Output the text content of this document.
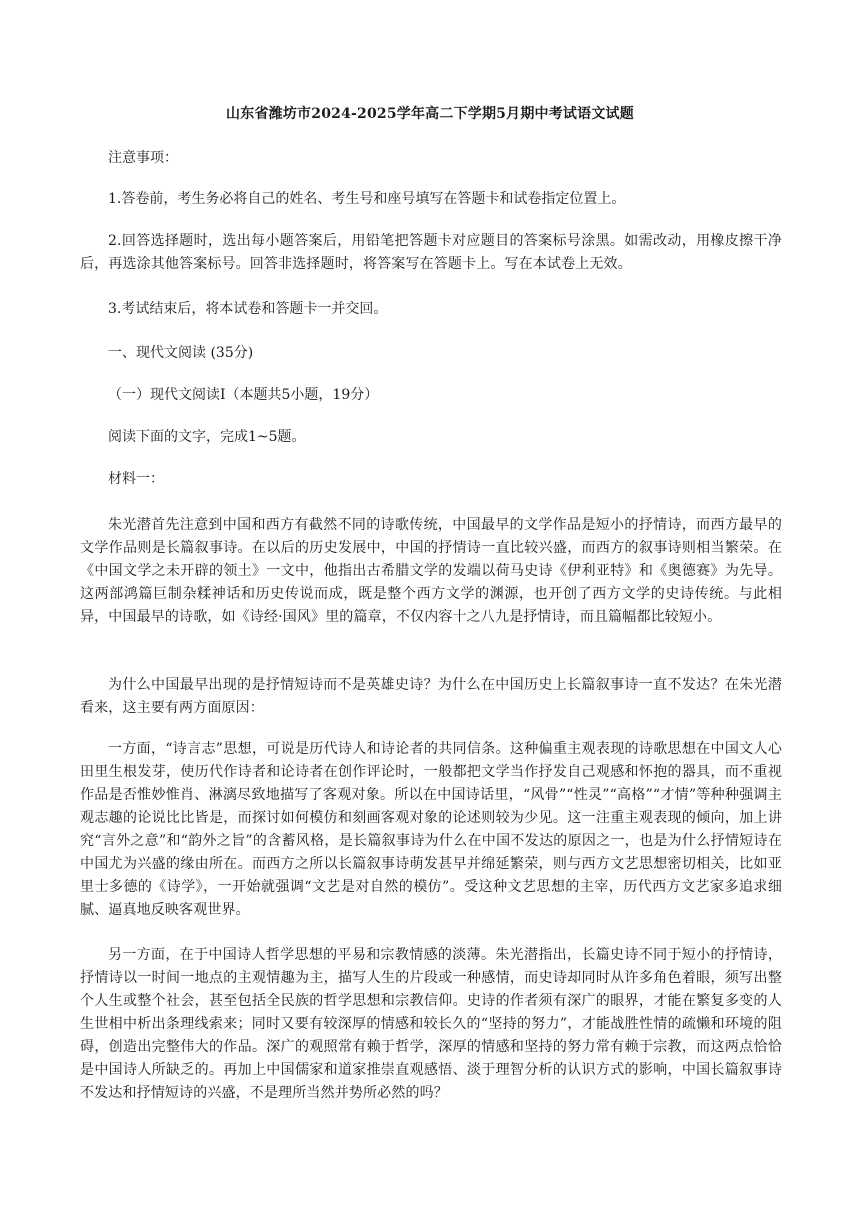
山东省潍坊市2024-2025学年高二下学期5月期中考试语文试题
注意事项：
1.答卷前，考生务必将自己的姓名、考生号和座号填写在答题卡和试卷指定位置上。
2.回答选择题时，选出每小题答案后，用铅笔把答题卡对应题目的答案标号涂黑。如需改动，用橡皮擦干净后，再选涂其他答案标号。回答非选择题时，将答案写在答题卡上。写在本试卷上无效。
3.考试结束后，将本试卷和答题卡一并交回。
一、现代文阅读 (35分)
（一）现代文阅读Ⅰ（本题共5小题，19分）
阅读下面的文字，完成1~5题。
材料一：
朱光潜首先注意到中国和西方有截然不同的诗歌传统，中国最早的文学作品是短小的抒情诗，而西方最早的文学作品则是长篇叙事诗。在以后的历史发展中，中国的抒情诗一直比较兴盛，而西方的叙事诗则相当繁荣。在《中国文学之未开辟的领土》一文中，他指出古希腊文学的发端以荷马史诗《伊利亚特》和《奥德赛》为先导。这两部鸿篇巨制杂糅神话和历史传说而成，既是整个西方文学的渊源，也开创了西方文学的史诗传统。与此相异，中国最早的诗歌，如《诗经·国风》里的篇章，不仅内容十之八九是抒情诗，而且篇幅都比较短小。
为什么中国最早出现的是抒情短诗而不是英雄史诗？为什么在中国历史上长篇叙事诗一直不发达？在朱光潜看来，这主要有两方面原因：
一方面，“诗言志”思想，可说是历代诗人和诗论者的共同信条。这种偏重主观表现的诗歌思想在中国文人心田里生根发芽，使历代作诗者和论诗者在创作评论时，一般都把文学当作抒发自己观感和怀抱的器具，而不重视作品是否惟妙惟肖、淋漓尽致地描写了客观对象。所以在中国诗话里，“风骨”“性灵”“高格”“才情”等种种强调主观志趣的论说比比皆是，而探讨如何模仿和刻画客观对象的论述则较为少见。这一注重主观表现的倾向，加上讲究“言外之意”和“韵外之旨”的含蓄风格，是长篇叙事诗为什么在中国不发达的原因之一，也是为什么抒情短诗在中国尤为兴盛的缘由所在。而西方之所以长篇叙事诗萌发甚早并绵延繁荣，则与西方文艺思想密切相关，比如亚里士多德的《诗学》，一开始就强调“文艺是对自然的模仿”。受这种文艺思想的主宰，历代西方文艺家多追求细腻、逼真地反映客观世界。
另一方面，在于中国诗人哲学思想的平易和宗教情感的淡薄。朱光潜指出，长篇史诗不同于短小的抒情诗，抒情诗以一时间一地点的主观情趣为主，描写人生的片段或一种感情，而史诗却同时从许多角色着眼，须写出整个人生或整个社会，甚至包括全民族的哲学思想和宗教信仰。史诗的作者须有深广的眼界，才能在繁复多变的人生世相中析出条理线索来；同时又要有较深厚的情感和较长久的“坚持的努力”，才能战胜性情的疏懒和环境的阻碍，创造出完整伟大的作品。深广的观照常有赖于哲学，深厚的情感和坚持的努力常有赖于宗教，而这两点恰恰是中国诗人所缺乏的。再加上中国儒家和道家推崇直观感悟、淡于理智分析的认识方式的影响，中国长篇叙事诗不发达和抒情短诗的兴盛，不是理所当然并势所必然的吗？
